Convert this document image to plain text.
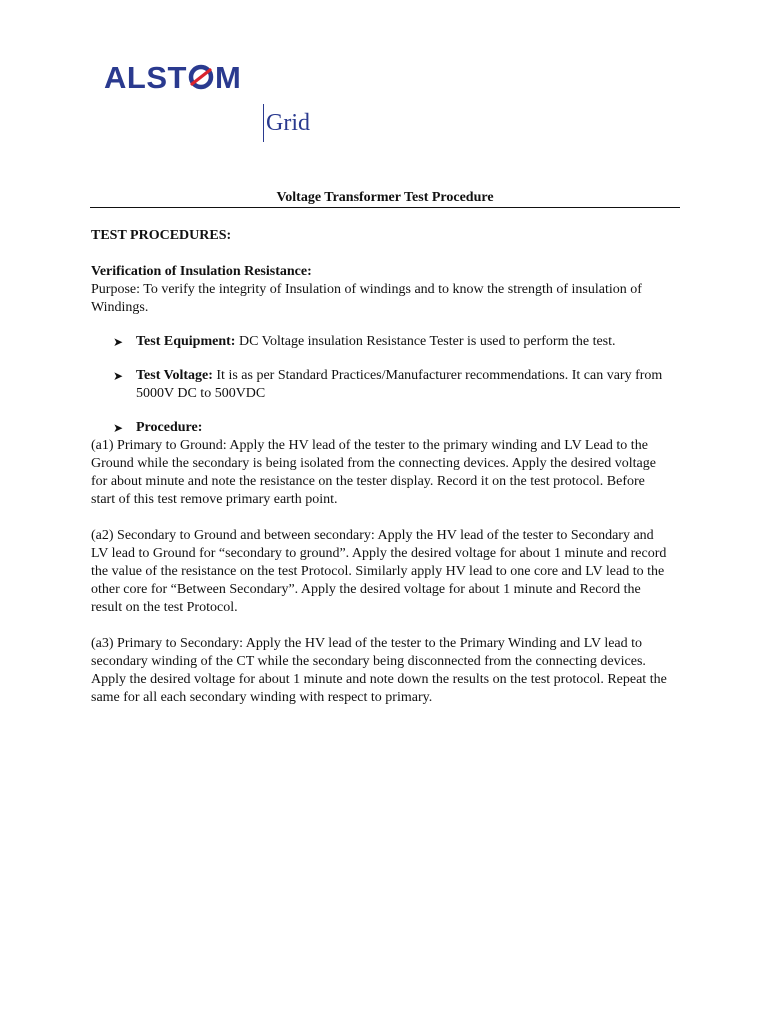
ALST M
Grid
Voltage Transformer Test Procedure

TEST PROCEDURES:

Verification of Insulation Resistance:

Purpose: To verify the integrity of Insulation of windings and to know the strength of insulation of Windings.

➤ Test Equipment: DC Voltage insulation Resistance Tester is used to perform the test.

➤ Test Voltage: It is as per Standard Practices/Manufacturer recommendations. It can vary from 5000V DC to 500VDC

➤ Procedure:

(a1) Primary to Ground: Apply the HV lead of the tester to the primary winding and LV Lead to the Ground while the secondary is being isolated from the connecting devices. Apply the desired voltage for about minute and note the resistance on the tester display. Record it on the test protocol. Before start of this test remove primary earth point.

(a2) Secondary to Ground and between secondary: Apply the HV lead of the tester to Secondary and LV lead to Ground for “secondary to ground”. Apply the desired voltage for about 1 minute and record the value of the resistance on the test Protocol. Similarly apply HV lead to one core and LV lead to the other core for “Between Secondary”. Apply the desired voltage for about 1 minute and Record the result on the test Protocol.

(a3) Primary to Secondary: Apply the HV lead of the tester to the Primary Winding and LV lead to secondary winding of the CT while the secondary being disconnected from the connecting devices. Apply the desired voltage for about 1 minute and note down the results on the test protocol. Repeat the same for all each secondary winding with respect to primary.
